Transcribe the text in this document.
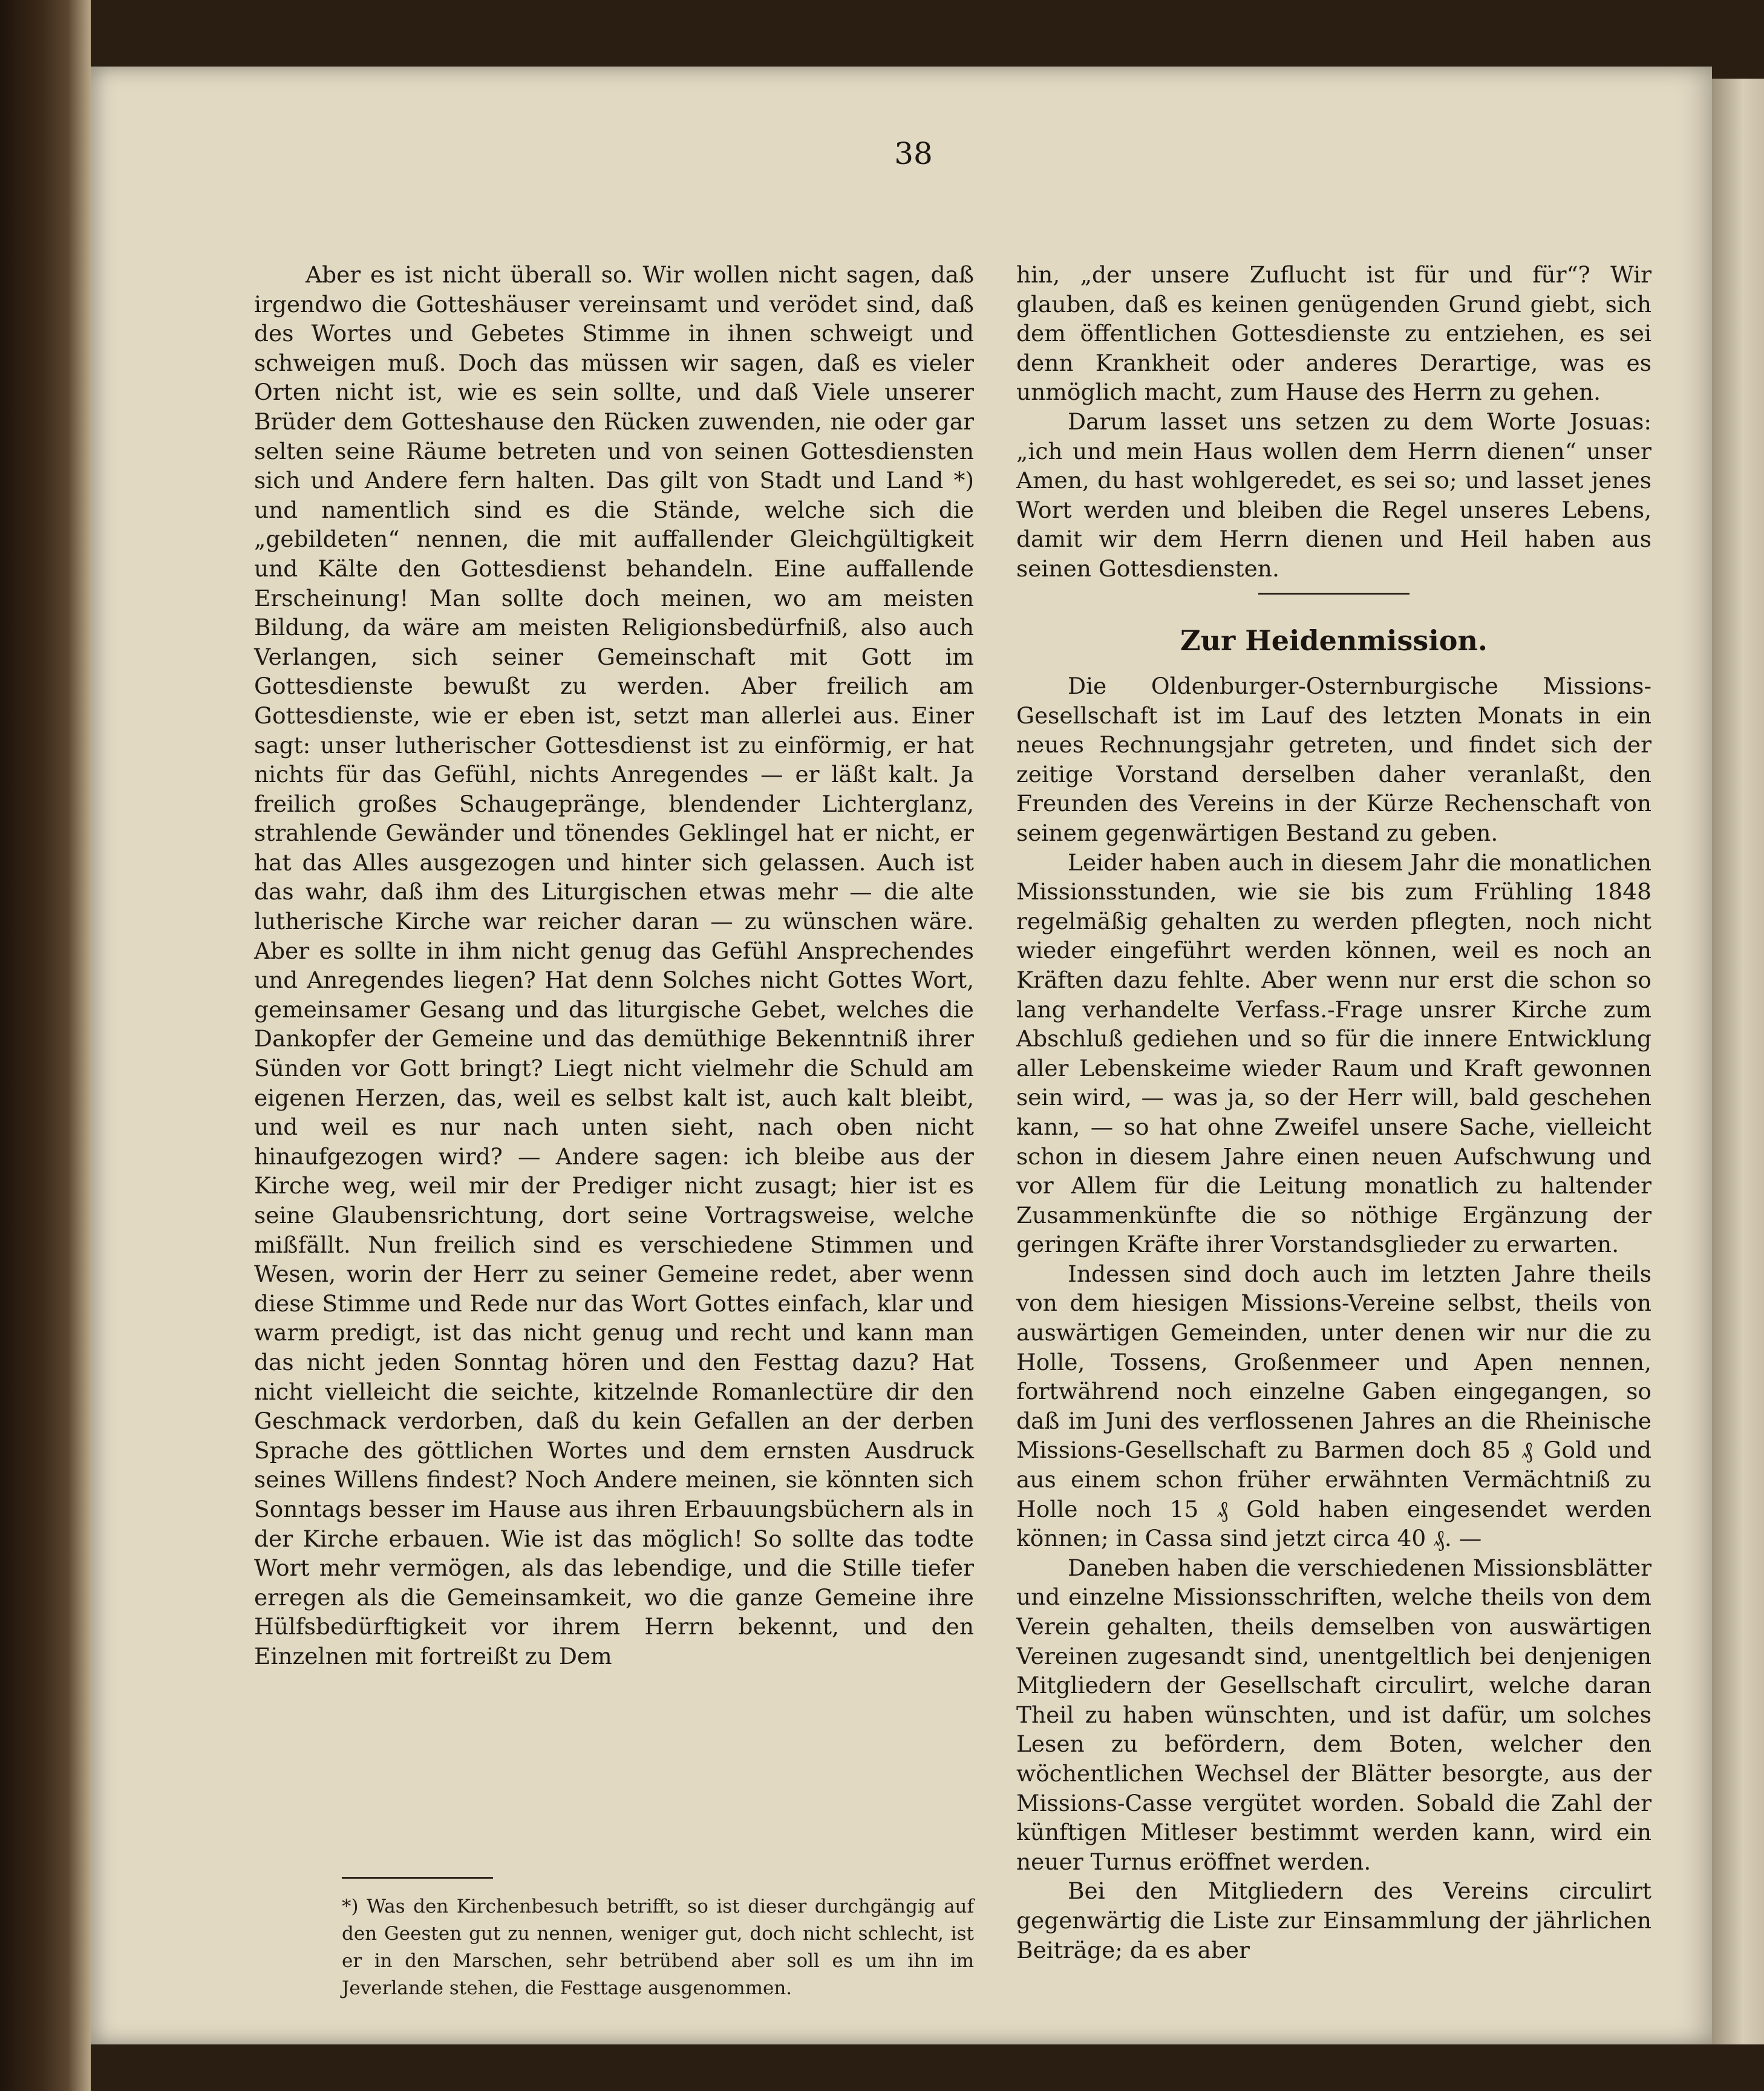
38

Aber es ist nicht überall so. Wir wollen nicht sagen, daß irgendwo die Gotteshäuser vereinsamt und verödet sind, daß des Wortes und Gebetes Stimme in ihnen schweigt und schweigen muß. Doch das müssen wir sagen, daß es vieler Orten nicht ist, wie es sein sollte, und daß Viele unserer Brüder dem Gotteshause den Rücken zuwenden, nie oder gar selten seine Räume betreten und von seinen Gottesdiensten sich und Andere fern halten. Das gilt von Stadt und Land *) und namentlich sind es die Stände, welche sich die „gebildeten“ nennen, die mit auffallender Gleichgültigkeit und Kälte den Gottesdienst behandeln. Eine auffallende Erscheinung! Man sollte doch meinen, wo am meisten Bildung, da wäre am meisten Religionsbedürfniß, also auch Verlangen, sich seiner Gemeinschaft mit Gott im Gottesdienste bewußt zu werden. Aber freilich am Gottesdienste, wie er eben ist, setzt man allerlei aus. Einer sagt: unser lutherischer Gottesdienst ist zu einförmig, er hat nichts für das Gefühl, nichts Anregendes — er läßt kalt. Ja freilich großes Schaugepränge, blendender Lichterglanz, strahlende Gewänder und tönendes Geklingel hat er nicht, er hat das Alles ausgezogen und hinter sich gelassen. Auch ist das wahr, daß ihm des Liturgischen etwas mehr — die alte lutherische Kirche war reicher daran — zu wünschen wäre. Aber es sollte in ihm nicht genug das Gefühl Ansprechendes und Anregendes liegen? Hat denn Solches nicht Gottes Wort, gemeinsamer Gesang und das liturgische Gebet, welches die Dankopfer der Gemeine und das demüthige Bekenntniß ihrer Sünden vor Gott bringt? Liegt nicht vielmehr die Schuld am eigenen Herzen, das, weil es selbst kalt ist, auch kalt bleibt, und weil es nur nach unten sieht, nach oben nicht hinaufgezogen wird? — Andere sagen: ich bleibe aus der Kirche weg, weil mir der Prediger nicht zusagt; hier ist es seine Glaubensrichtung, dort seine Vortragsweise, welche mißfällt. Nun freilich sind es verschiedene Stimmen und Wesen, worin der Herr zu seiner Gemeine redet, aber wenn diese Stimme und Rede nur das Wort Gottes einfach, klar und warm predigt, ist das nicht genug und recht und kann man das nicht jeden Sonntag hören und den Festtag dazu? Hat nicht vielleicht die seichte, kitzelnde Romanlectüre dir den Geschmack verdorben, daß du kein Gefallen an der derben Sprache des göttlichen Wortes und dem ernsten Ausdruck seines Willens findest? Noch Andere meinen, sie könnten sich Sonntags besser im Hause aus ihren Erbauungsbüchern als in der Kirche erbauen. Wie ist das möglich! So sollte das todte Wort mehr vermögen, als das lebendige, und die Stille tiefer erregen als die Gemeinsamkeit, wo die ganze Gemeine ihre Hülfsbedürftigkeit vor ihrem Herrn bekennt, und den Einzelnen mit fortreißt zu Dem

hin, „der unsere Zuflucht ist für und für“? Wir glauben, daß es keinen genügenden Grund giebt, sich dem öffentlichen Gottesdienste zu entziehen, es sei denn Krankheit oder anderes Derartige, was es unmöglich macht, zum Hause des Herrn zu gehen.

Darum lasset uns setzen zu dem Worte Josuas: „ich und mein Haus wollen dem Herrn dienen“ unser Amen, du hast wohlgeredet, es sei so; und lasset jenes Wort werden und bleiben die Regel unseres Lebens, damit wir dem Herrn dienen und Heil haben aus seinen Gottesdiensten.

Zur Heidenmission.

Die Oldenburger-Osternburgische Missions-Gesellschaft ist im Lauf des letzten Monats in ein neues Rechnungsjahr getreten, und findet sich der zeitige Vorstand derselben daher veranlaßt, den Freunden des Vereins in der Kürze Rechenschaft von seinem gegenwärtigen Bestand zu geben.

Leider haben auch in diesem Jahr die monatlichen Missionsstunden, wie sie bis zum Frühling 1848 regelmäßig gehalten zu werden pflegten, noch nicht wieder eingeführt werden können, weil es noch an Kräften dazu fehlte. Aber wenn nur erst die schon so lang verhandelte Verfass.-Frage unsrer Kirche zum Abschluß gediehen und so für die innere Entwicklung aller Lebenskeime wieder Raum und Kraft gewonnen sein wird, — was ja, so der Herr will, bald geschehen kann, — so hat ohne Zweifel unsere Sache, vielleicht schon in diesem Jahre einen neuen Aufschwung und vor Allem für die Leitung monatlich zu haltender Zusammenkünfte die so nöthige Ergänzung der geringen Kräfte ihrer Vorstandsglieder zu erwarten.

Indessen sind doch auch im letzten Jahre theils von dem hiesigen Missions-Vereine selbst, theils von auswärtigen Gemeinden, unter denen wir nur die zu Holle, Tossens, Großenmeer und Apen nennen, fortwährend noch einzelne Gaben eingegangen, so daß im Juni des verflossenen Jahres an die Rheinische Missions-Gesellschaft zu Barmen doch 85 ₰ Gold und aus einem schon früher erwähnten Vermächtniß zu Holle noch 15 ₰ Gold haben eingesendet werden können; in Cassa sind jetzt circa 40 ₰. —

Daneben haben die verschiedenen Missionsblätter und einzelne Missionsschriften, welche theils von dem Verein gehalten, theils demselben von auswärtigen Vereinen zugesandt sind, unentgeltlich bei denjenigen Mitgliedern der Gesellschaft circulirt, welche daran Theil zu haben wünschten, und ist dafür, um solches Lesen zu befördern, dem Boten, welcher den wöchentlichen Wechsel der Blätter besorgte, aus der Missions-Casse vergütet worden. Sobald die Zahl der künftigen Mitleser bestimmt werden kann, wird ein neuer Turnus eröffnet werden.

Bei den Mitgliedern des Vereins circulirt gegenwärtig die Liste zur Einsammlung der jährlichen Beiträge; da es aber

*) Was den Kirchenbesuch betrifft, so ist dieser durchgängig auf den Geesten gut zu nennen, weniger gut, doch nicht schlecht, ist er in den Marschen, sehr betrübend aber soll es um ihn im Jeverlande stehen, die Festtage ausgenommen.
